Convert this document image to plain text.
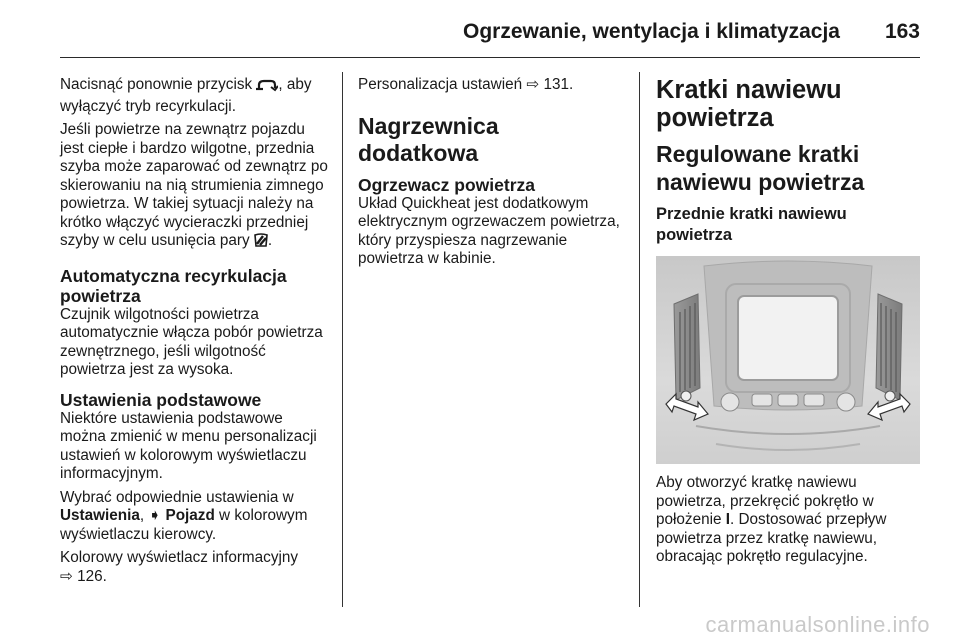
Ogrzewanie, wentylacja i klimatyzacja 163

Nacisnąć ponownie przycisk , aby wyłączyć tryb recyrkulacji.

Jeśli powietrze na zewnątrz pojazdu jest ciepłe i bardzo wilgotne, przednia szyba może zaparować od zewnątrz po skierowaniu na nią strumienia zimnego powietrza. W takiej sytuacji należy na krótko włączyć wycieraczki przedniej szyby w celu usunięcia pary .

Automatyczna recyrkulacja powietrza

Czujnik wilgotności powietrza automatycznie włącza pobór powietrza zewnętrznego, jeśli wilgotność powietrza jest za wysoka.

Ustawienia podstawowe

Niektóre ustawienia podstawowe można zmienić w menu personalizacji ustawień w kolorowym wyświetlaczu informacyjnym.

Wybrać odpowiednie ustawienia w Ustawienia, ➧ Pojazd w kolorowym wyświetlaczu kierowcy.

Kolorowy wyświetlacz informacyjny
⇨ 126.

Personalizacja ustawień ⇨ 131.

Nagrzewnica dodatkowa
Ogrzewacz powietrza

Układ Quickheat jest dodatkowym elektrycznym ogrzewaczem powietrza, który przyspiesza nagrzewanie powietrza w kabinie.

Kratki nawiewu powietrza
Regulowane kratki nawiewu powietrza
Przednie kratki nawiewu powietrza

Aby otworzyć kratkę nawiewu powietrza, przekręcić pokrętło w położenie I. Dostosować przepływ powietrza przez kratkę nawiewu, obracając pokrętło regulacyjne.

carmanualsonline.info
